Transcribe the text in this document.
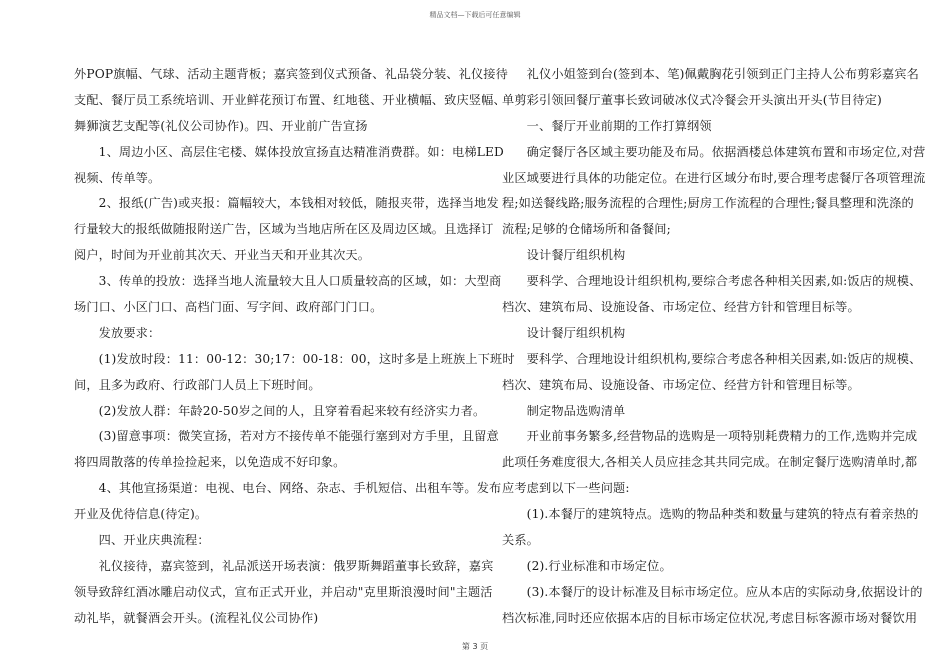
精品文档—下载后可任意编辑
外POP旗幅、气球、活动主题背板；嘉宾签到仪式预备、礼品袋分装、礼仪接待
支配、餐厅员工系统培训、开业鲜花预订布置、红地毯、开业横幅、致庆竖幅、
舞狮演艺支配等(礼仪公司协作)。四、开业前广告宣扬
　　1、周边小区、高层住宅楼、媒体投放宣扬直达精准消费群。如：电梯LED
视频、传单等。
　　2、报纸(广告)或夹报：篇幅较大，本钱相对较低，随报夹带，选择当地发
行量较大的报纸做随报附送广告，区域为当地店所在区及周边区域。且选择订
阅户，时间为开业前其次天、开业当天和开业其次天。
　　3、传单的投放：选择当地人流量较大且人口质量较高的区域，如：大型商
场门口、小区门口、高档门面、写字间、政府部门门口。
　　发放要求：
　　(1)发放时段：11：00-12：30;17：00-18：00，这时多是上班族上下班时
间，且多为政府、行政部门人员上下班时间。
　　(2)发放人群：年龄20-50岁之间的人，且穿着看起来较有经济实力者。
　　(3)留意事项：微笑宣扬，若对方不接传单不能强行塞到对方手里，且留意
将四周散落的传单捡捡起来，以免造成不好印象。
　　4、其他宣扬渠道：电视、电台、网络、杂志、手机短信、出租车等。发布
开业及优待信息(待定)。
　　四、开业庆典流程：
　　礼仪接待，嘉宾签到，礼品派送开场表演：俄罗斯舞蹈董事长致辞，嘉宾
领导致辞红酒冰雕启动仪式，宣布正式开业，并启动"克里斯浪漫时间"主题活
动礼毕，就餐酒会开头。(流程礼仪公司协作)
　　礼仪小姐签到台(签到本、笔)佩戴胸花引领到正门主持人公布剪彩嘉宾名
单剪彩引领回餐厅董事长致词破冰仪式冷餐会开头演出开头(节目待定)
　　一、餐厅开业前期的工作打算纲领
　　确定餐厅各区域主要功能及布局。依据酒楼总体建筑布置和市场定位,对营
业区域要进行具体的功能定位。在进行区域分布时,要合理考虑餐厅各项管理流
程;如送餐线路;服务流程的合理性;厨房工作流程的合理性;餐具整理和洗涤的
流程;足够的仓储场所和备餐间;
　　设计餐厅组织机构
　　要科学、合理地设计组织机构,要综合考虑各种相关因素,如:饭店的规模、
档次、建筑布局、设施设备、市场定位、经营方针和管理目标等。
　　设计餐厅组织机构
　　要科学、合理地设计组织机构,要综合考虑各种相关因素,如:饭店的规模、
档次、建筑布局、设施设备、市场定位、经营方针和管理目标等。
　　制定物品选购清单
　　开业前事务繁多,经营物品的选购是一项特别耗费精力的工作,选购并完成
此项任务难度很大,各相关人员应挂念其共同完成。在制定餐厅选购清单时,都
应考虑到以下一些问题:
　　(1).本餐厅的建筑特点。选购的物品种类和数量与建筑的特点有着亲热的
关系。
　　(2).行业标准和市场定位。
　　(3).本餐厅的设计标准及目标市场定位。应从本店的实际动身,依据设计的
档次标准,同时还应依据本店的目标市场定位状况,考虑目标客源市场对餐饮用
第 3 页
